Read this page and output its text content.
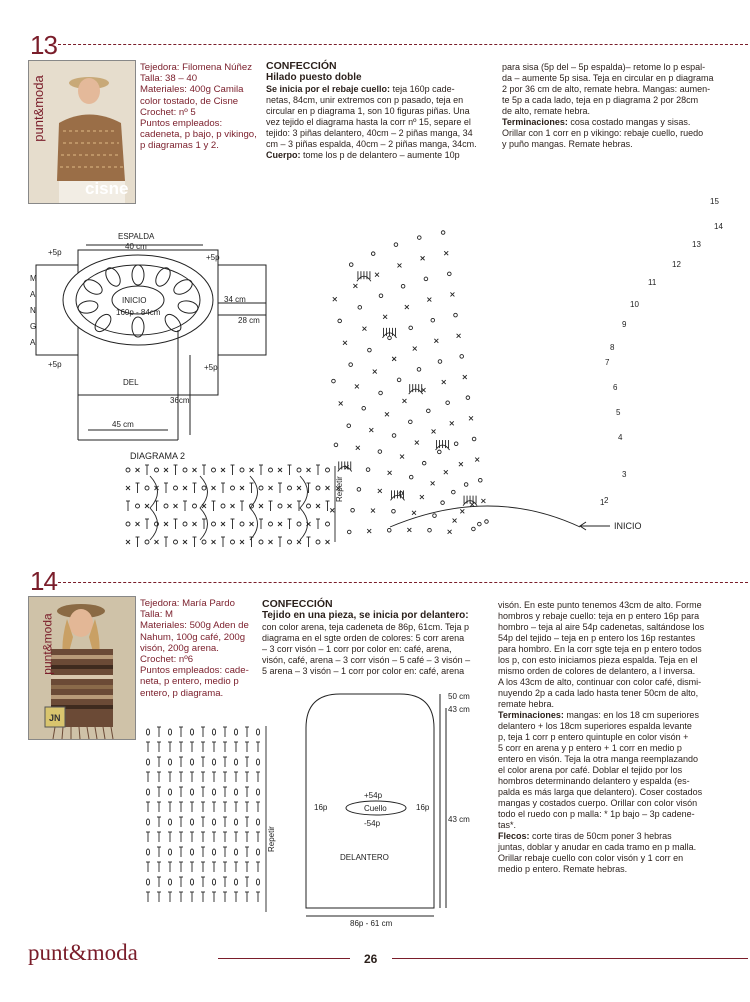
13
punt&moda
cisne
Tejedora: Filomena Núñez
Talla: 38 – 40
Materiales: 400g Camila
color tostado, de Cisne
Crochet: nº 5
Puntos empleados:
cadeneta, p bajo, p vikingo,
p diagramas 1 y 2.
CONFECCIÓN
Hilado puesto doble
Se inicia por el rebaje cuello: teja 160p cade-
netas, 84cm, unir extremos con p pasado, teja en
circular en p diagrama 1, son 10 figuras piñas. Una
vez tejido el diagrama hasta la corr nº 15, separe el
tejido: 3 piñas delantero, 40cm – 2 piñas manga, 34
cm – 3 piñas espalda, 40cm – 2 piñas manga, 34cm.
Cuerpo: tome los p de delantero – aumente 10p
para sisa (5p del – 5p espalda)– retome lo p espal-
da – aumente 5p sisa. Teja en circular en p diagrama
2 por 36 cm de alto, remate hebra. Mangas: aumen-
te 5p a cada lado, teja en p diagrama 2 por 28cm
de alto, remate hebra.
Terminaciones: cosa costado mangas y sisas.
Orillar con 1 corr en p vikingo: rebaje cuello, ruedo
y puño mangas. Remate hebras.
ESPALDA
40 cm
+5p
+5p
+5p	+5p
M
A
N
G
A
INICIO
160p - 84cm
34 cm
28 cm
DEL
36cm
45 cm
1 2
3
4
5
6
7
8
9
10
11
12
13
14
15
INICIO
DIAGRAMA 2
Repetir
14
JN
punt&moda
Tejedora: María Pardo
Talla: M
Materiales: 500g Aden de
Nahum, 100g café, 200g
visón, 200g arena.
Crochet: nº6
Puntos empleados: cade-
neta, p entero, medio p
entero, p diagrama.
CONFECCIÓN
Tejido en una pieza, se inicia por delantero:
con color arena, teja cadeneta de 86p, 61cm. Teja p
diagrama en el sgte orden de colores: 5 corr arena
– 3 corr visón – 1 corr por color en: café, arena,
visón, café, arena – 3 corr visón – 5 café – 3 visón –
5 arena – 3 visón – 1 corr por color en: café, arena
visón. En este punto tenemos 43cm de alto. Forme
hombros y rebaje cuello: teja en p entero 16p para
hombro – teja al aire 54p cadenetas, saltándose los
54p del tejido – teja en p entero los 16p restantes
para hombro. En la corr sgte teja en p entero todos
los p, con esto iniciamos pieza espalda. Teja en el
mismo orden de colores de delantero, a l inversa.
A los 43cm de alto, continuar con color café, dismi-
nuyendo 2p a cada lado hasta tener 50cm de alto,
remate hebra.
Terminaciones: mangas: en los 18 cm superiores
delantero + los 18cm superiores espalda levante
p, teja 1 corr p entero quintuple en color visón +
5 corr en arena y p entero + 1 corr en medio p
entero en visón. Teja la otra manga reemplazando
el color arena por café. Doblar el tejido por los
hombros determinando delantero y espalda (es-
palda es más larga que delantero). Coser costados
mangas y costados cuerpo. Orillar con color visón
todo el ruedo con p malla: * 1p bajo – 3p cadene-
tas*.
Flecos: corte tiras de 50cm poner 3 hebras
juntas, doblar y anudar en cada tramo en p malla.
Orillar rebaje cuello con color visón y 1 corr en
medio p entero. Remate hebras.
Repetir
50 cm
43 cm
+54p
Cuello
-54p
16p	16p
43 cm
DELANTERO
86p - 61 cm
punt&moda	26
